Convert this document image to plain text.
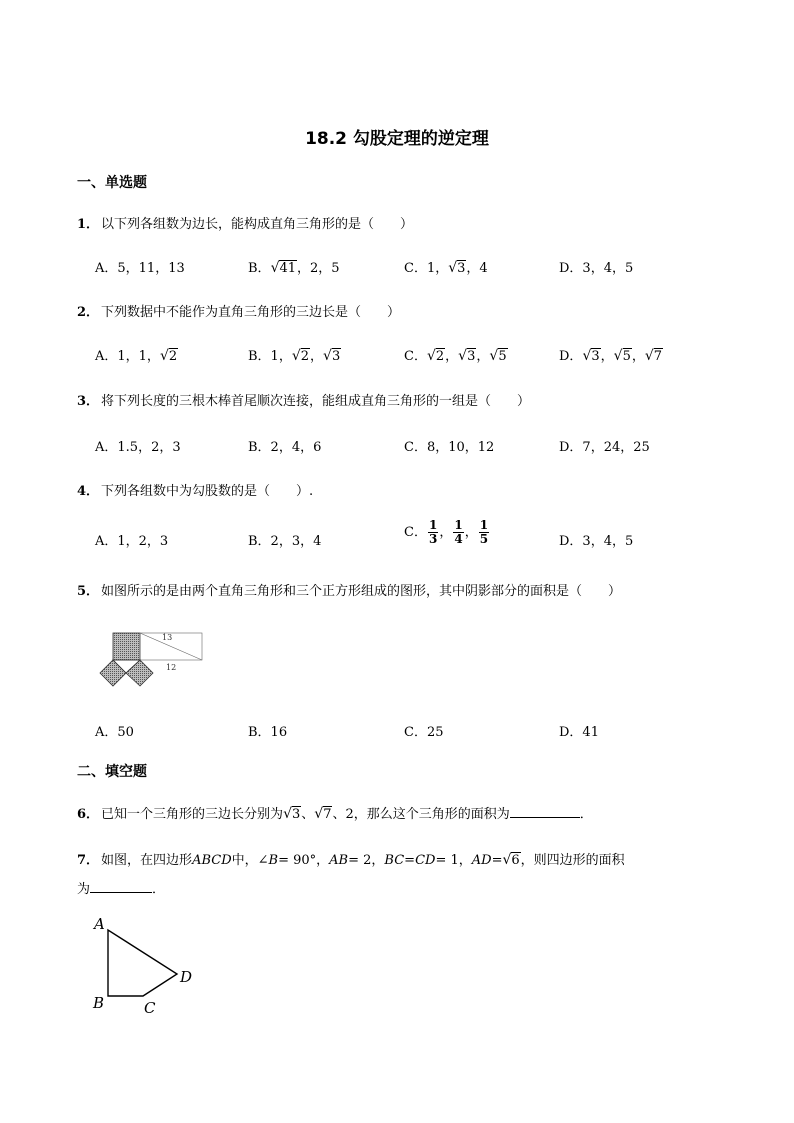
18.2 勾股定理的逆定理
一、单选题
1． 以下列各组数为边长，能构成直角三角形的是（　　）
A．5，11，13	B．√41，2，5	C．1，√3，4	D．3，4，5
2． 下列数据中不能作为直角三角形的三边长是（　　）
A．1，1，√2	B．1，√2，√3	C．√2，√3，√5	D．√3，√5，√7
3． 将下列长度的三根木棒首尾顺次连接，能组成直角三角形的一组是（　　）
A．1.5，2，3	B．2，4，6	C．8，10，12	D．7，24，25
4． 下列各组数中为勾股数的是（　　）.
A．1，2，3	B．2，3，4
C． $\frac{1}{3}$ ， $\frac{1}{4}$ ， $\frac{1}{5}$	D．3，4，5
5． 如图所示的是由两个直角三角形和三个正方形组成的图形，其中阴影部分的面积是（　　）
13
12
A．50	B．16	C．25	D．41
二、填空题
6． 已知一个三角形的三边长分别为√3、√7、2，那么这个三角形的面积为	．
7． 如图，在四边形ABCD中，∠B= 90°，AB= 2，BC=CD= 1，AD=√6，则四边形的面积
为	．
A
B	C
D
